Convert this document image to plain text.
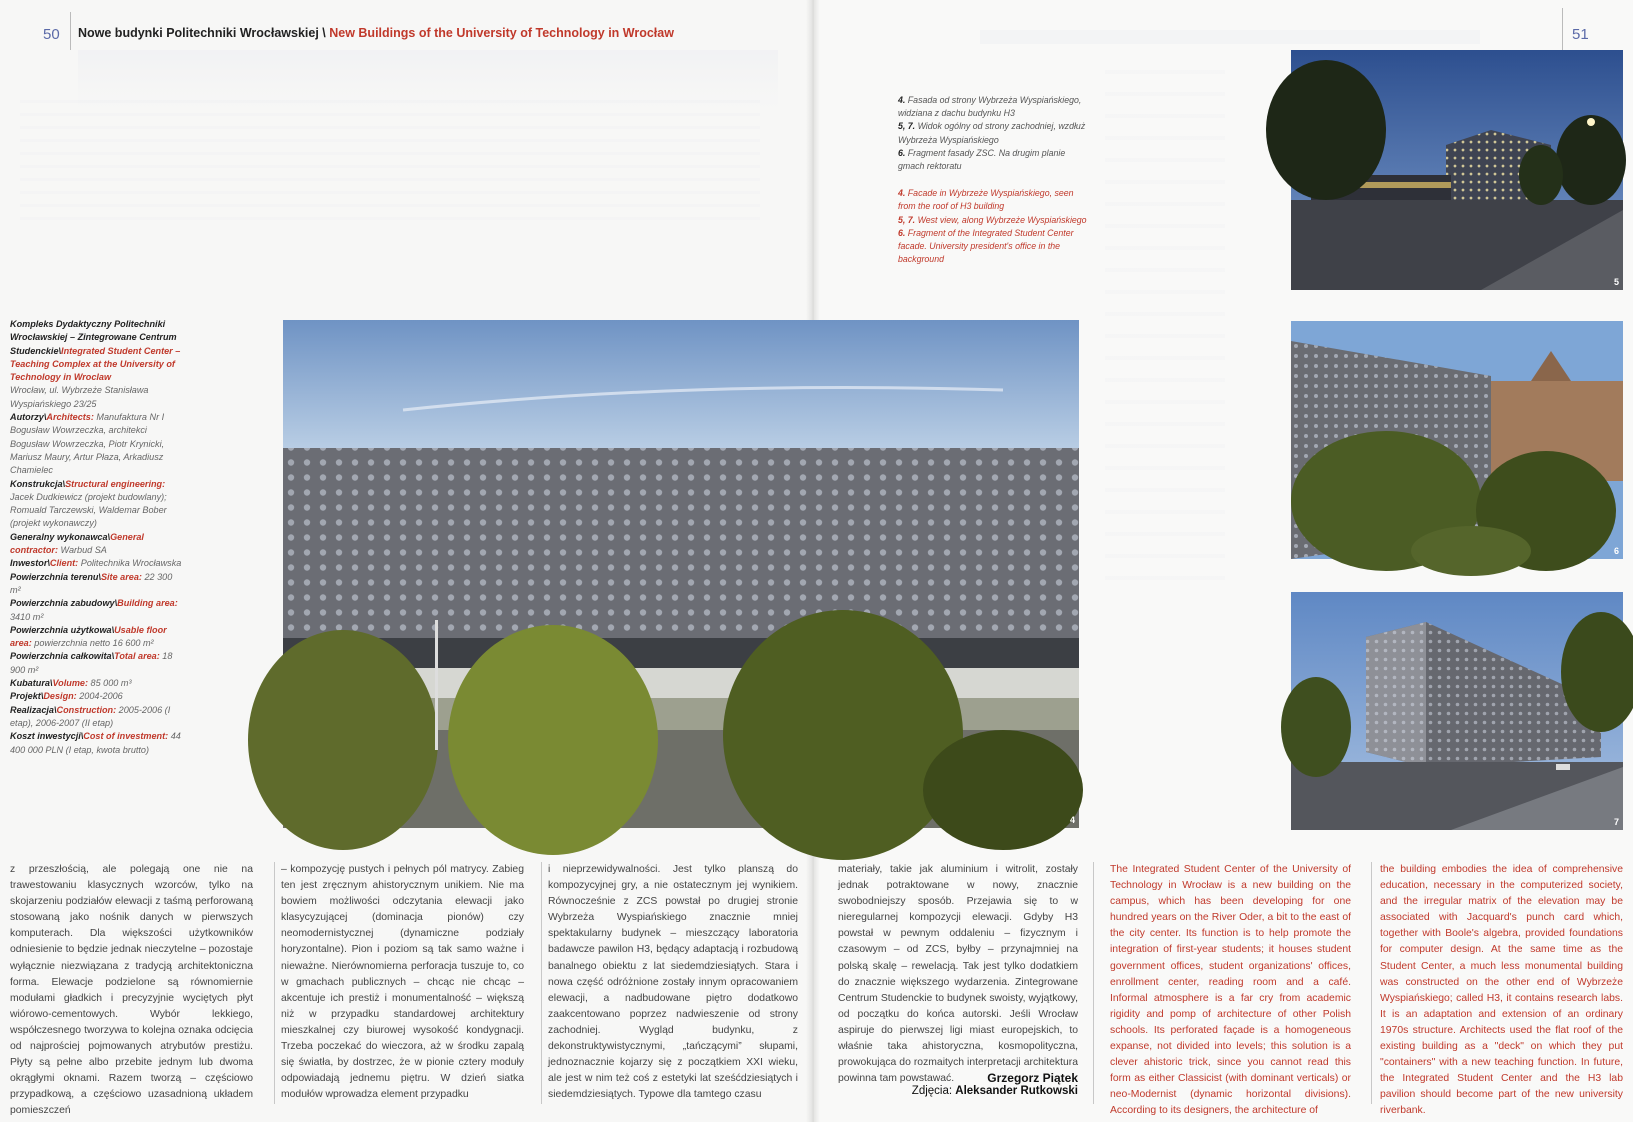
50 Nowe budynki Politechniki Wrocławskiej \ New Buildings of the University of Technology in Wrocław	51
Kompleks Dydaktyczny Politechniki Wrocławskiej – Zintegrowane Centrum Studenckie\Integrated Student Center – Teaching Complex at the University of Technology in Wroclaw
Wrocław, ul. Wybrzeże Stanisława Wyspiańskiego 23/25
Autorzy\Architects: Manufaktura Nr I Bogusław Wowrzeczka, architekci Bogusław Wowrzeczka, Piotr Krynicki, Mariusz Maury, Artur Płaza, Arkadiusz Chamielec
Konstrukcja\Structural engineering: Jacek Dudkiewicz (projekt budowlany); Romuald Tarczewski, Waldemar Bober (projekt wykonawczy)
Generalny wykonawca\General contractor: Warbud SA
Inwestor\Client: Politechnika Wrocławska
Powierzchnia terenu\Site area: 22 300 m²
Powierzchnia zabudowy\Building area: 3410 m²
Powierzchnia użytkowa\Usable floor area: powierzchnia netto 16 600 m²
Powierzchnia całkowita\Total area: 18 900 m²
Kubatura\Volume: 85 000 m³
Projekt\Design: 2004-2006
Realizacja\Construction: 2005-2006 (I etap), 2006-2007 (II etap)
Koszt inwestycji\Cost of investment: 44 400 000 PLN (I etap, kwota brutto)
4. Fasada od strony Wybrzeża Wyspiańskiego, widziana z dachu budynku H3
5, 7. Widok ogólny od strony zachodniej, wzdłuż Wybrzeża Wyspiańskiego
6. Fragment fasady ZSC. Na drugim planie gmach rektoratu
4. Facade in Wybrzeże Wyspiańskiego, seen from the roof of H3 building
5, 7. West view, along Wybrzeże Wyspiańskiego
6. Fragment of the Integrated Student Center facade. University president's office in the background
4
5
6
7
z przeszłością, ale polegają one nie na trawestowaniu klasycznych wzorców, tylko na skojarzeniu podziałów elewacji z taśmą perforowaną stosowaną jako nośnik danych w pierwszych komputerach. Dla większości użytkowników odniesienie to będzie jednak nieczytelne – pozostaje wyłącznie niezwiązana z tradycją architektoniczna forma. Elewacje podzielone są równomiernie modułami gładkich i precyzyjnie wyciętych płyt wiórowo-cementowych. Wybór lekkiego, współczesnego tworzywa to kolejna oznaka odcięcia od najprościej pojmowanych atrybutów prestiżu. Płyty są pełne albo przebite jednym lub dwoma okrągłymi oknami. Razem tworzą – częściowo przypadkową, a częściowo uzasadnioną układem pomieszczeń
– kompozycję pustych i pełnych pól matrycy. Zabieg ten jest zręcznym ahistorycznym unikiem. Nie ma bowiem możliwości odczytania elewacji jako klasycyzującej (dominacja pionów) czy neomodernistycznej (dynamiczne podziały horyzontalne). Pion i poziom są tak samo ważne i nieważne. Nierównomierna perforacja tuszuje to, co w gmachach publicznych – chcąc nie chcąc – akcentuje ich prestiż i monumentalność – większą niż w przypadku standardowej architektury mieszkalnej czy biurowej wysokość kondygnacji. Trzeba poczekać do wieczora, aż w środku zapalą się światła, by dostrzec, że w pionie cztery moduły odpowiadają jednemu piętru. W dzień siatka modułów wprowadza element przypadku
i nieprzewidywalności. Jest tylko planszą do kompozycyjnej gry, a nie ostatecznym jej wynikiem. Równocześnie z ZCS powstał po drugiej stronie Wybrzeża Wyspiańskiego znacznie mniej spektakularny budynek – mieszczący laboratoria badawcze pawilon H3, będący adaptacją i rozbudową banalnego obiektu z lat siedemdziesiątych. Stara i nowa część odróżnione zostały innym opracowaniem elewacji, a nadbudowane piętro dodatkowo zaakcentowano poprzez nadwieszenie od strony zachodniej. Wygląd budynku, z dekonstruktywistycznymi, „tańczącymi” słupami, jednoznacznie kojarzy się z początkiem XXI wieku, ale jest w nim też coś z estetyki lat sześćdziesiątych i siedemdziesiątych. Typowe dla tamtego czasu
materiały, takie jak aluminium i witrolit, zostały jednak potraktowane w nowy, znacznie swobodniejszy sposób. Przejawia się to w nieregularnej kompozycji elewacji. Gdyby H3 powstał w pewnym oddaleniu – fizycznym i czasowym – od ZCS, byłby – przynajmniej na polską skalę – rewelacją. Tak jest tylko dodatkiem do znacznie większego wydarzenia. Zintegrowane Centrum Studenckie to budynek swoisty, wyjątkowy, od początku do końca autorski. Jeśli Wrocław aspiruje do pierwszej ligi miast europejskich, to właśnie taka ahistoryczna, kosmopolityczna, prowokująca do rozmaitych interpretacji architektura powinna tam powstawać.
The Integrated Student Center of the University of Technology in Wrocław is a new building on the campus, which has been developing for one hundred years on the River Oder, a bit to the east of the city center. Its function is to help promote the integration of first-year students; it houses student government offices, student organizations' offices, enrollment center, reading room and a café. Informal atmosphere is a far cry from academic rigidity and pomp of architecture of other Polish schools. Its perforated façade is a homogeneous expanse, not divided into levels; this solution is a clever ahistoric trick, since you cannot read this form as either Classicist (with dominant verticals) or neo-Modernist (dynamic horizontal divisions). According to its designers, the architecture of
the building embodies the idea of comprehensive education, necessary in the computerized society, and the irregular matrix of the elevation may be associated with Jacquard's punch card which, together with Boole's algebra, provided foundations for computer design. At the same time as the Student Center, a much less monumental building was constructed on the other end of Wybrzeże Wyspiańskiego; called H3, it contains research labs. It is an adaptation and extension of an ordinary 1970s structure. Architects used the flat roof of the existing building as a "deck" on which they put "containers" with a new teaching function. In future, the Integrated Student Center and the H3 lab pavilion should become part of the new university riverbank.
Grzegorz Piątek
Zdjęcia: Aleksander Rutkowski
